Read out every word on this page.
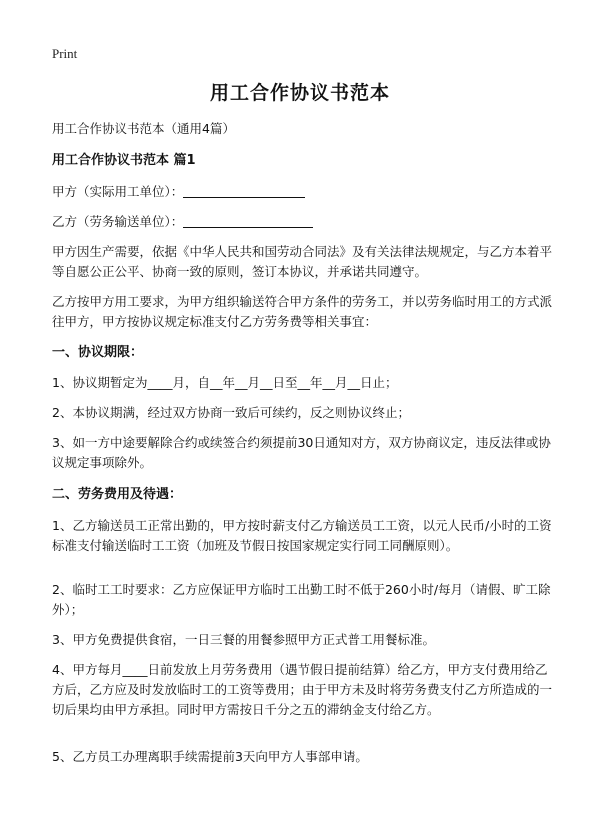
Print
用工合作协议书范本
用工合作协议书范本（通用4篇）
用工合作协议书范本 篇1
甲方（实际用工单位）：
乙方（劳务输送单位）：
甲方因生产需要，依据《中华人民共和国劳动合同法》及有关法律法规规定，与乙方本着平等自愿公正公平、协商一致的原则，签订本协议，并承诺共同遵守。
乙方按甲方用工要求，为甲方组织输送符合甲方条件的劳务工，并以劳务临时用工的方式派往甲方，甲方按协议规定标准支付乙方劳务费等相关事宜：
一、协议期限：
1、协议期暂定为____月，自__年__月__日至__年__月__日止；
2、本协议期满，经过双方协商一致后可续约，反之则协议终止；
3、如一方中途要解除合约或续签合约须提前30日通知对方，双方协商议定，违反法律或协议规定事项除外。
二、劳务费用及待遇：
1、乙方输送员工正常出勤的，甲方按时薪支付乙方输送员工工资，以元人民币/小时的工资标准支付输送临时工工资（加班及节假日按国家规定实行同工同酬原则）。
2、临时工工时要求：乙方应保证甲方临时工出勤工时不低于260小时/每月（请假、旷工除外）；
3、甲方免费提供食宿，一日三餐的用餐参照甲方正式普工用餐标准。
4、甲方每月____日前发放上月劳务费用（遇节假日提前结算）给乙方，甲方支付费用给乙方后，乙方应及时发放临时工的工资等费用；由于甲方未及时将劳务费支付乙方所造成的一切后果均由甲方承担。同时甲方需按日千分之五的滞纳金支付给乙方。
5、乙方员工办理离职手续需提前3天向甲方人事部申请。
